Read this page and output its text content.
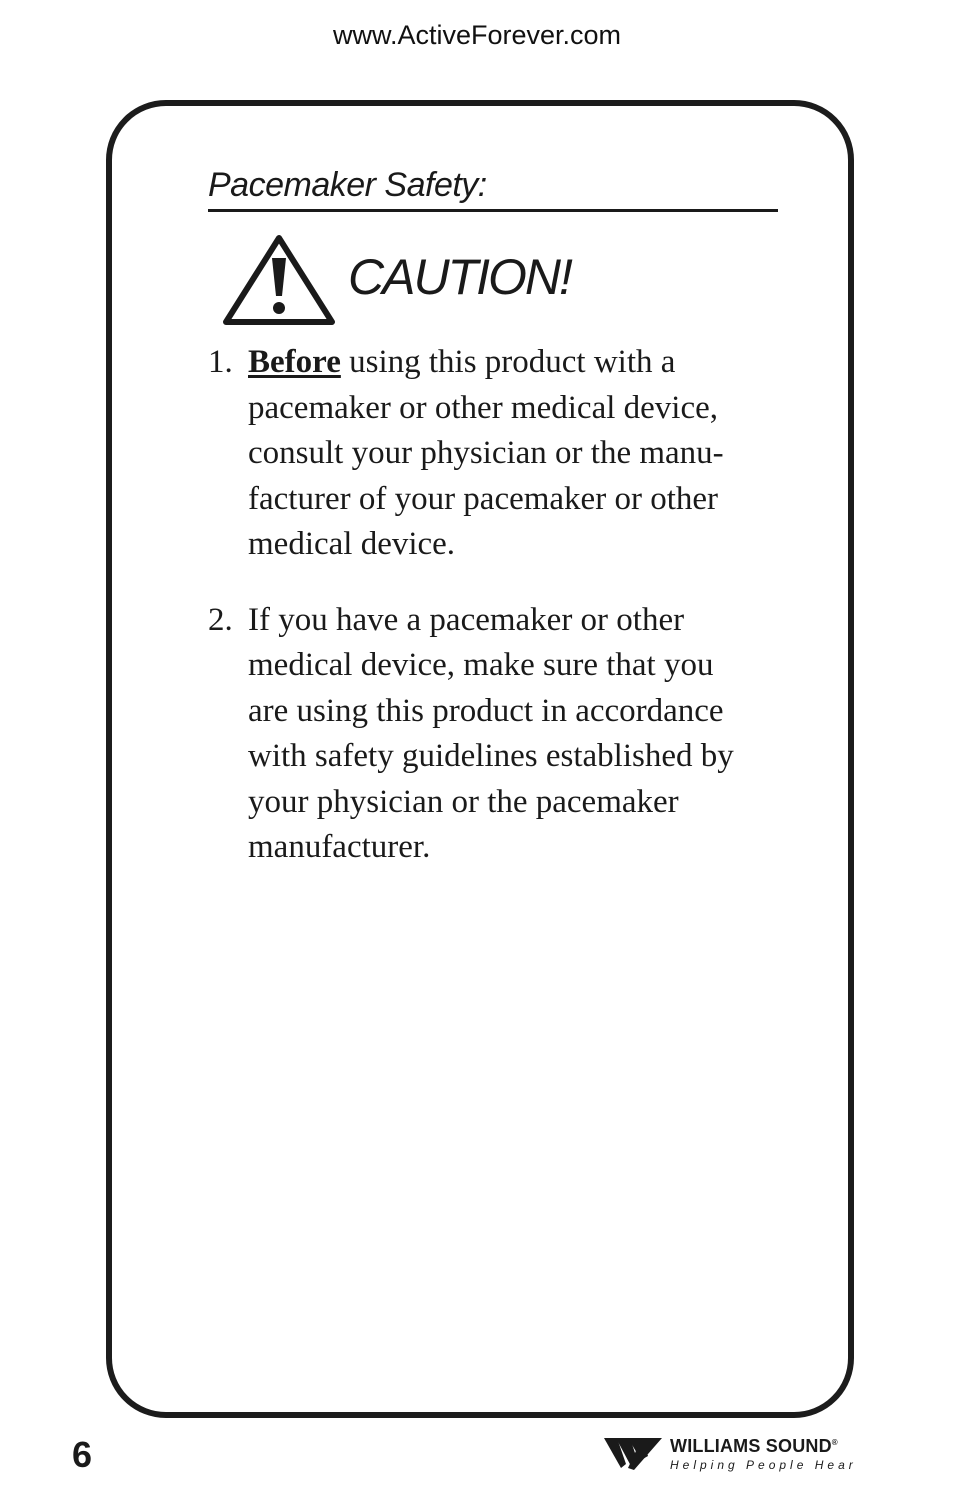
www.ActiveForever.com
Pacemaker Safety:
CAUTION!
1. Before using this product with a
pacemaker or other medical device,
consult your physician or the manu-
facturer of your pacemaker or other
medical device.
2. If you have a pacemaker or other
medical device, make sure that you
are using this product in accordance
with safety guidelines established by
your physician or the pacemaker
manufacturer.
6	WILLIAMS SOUND®
Helping People Hear
